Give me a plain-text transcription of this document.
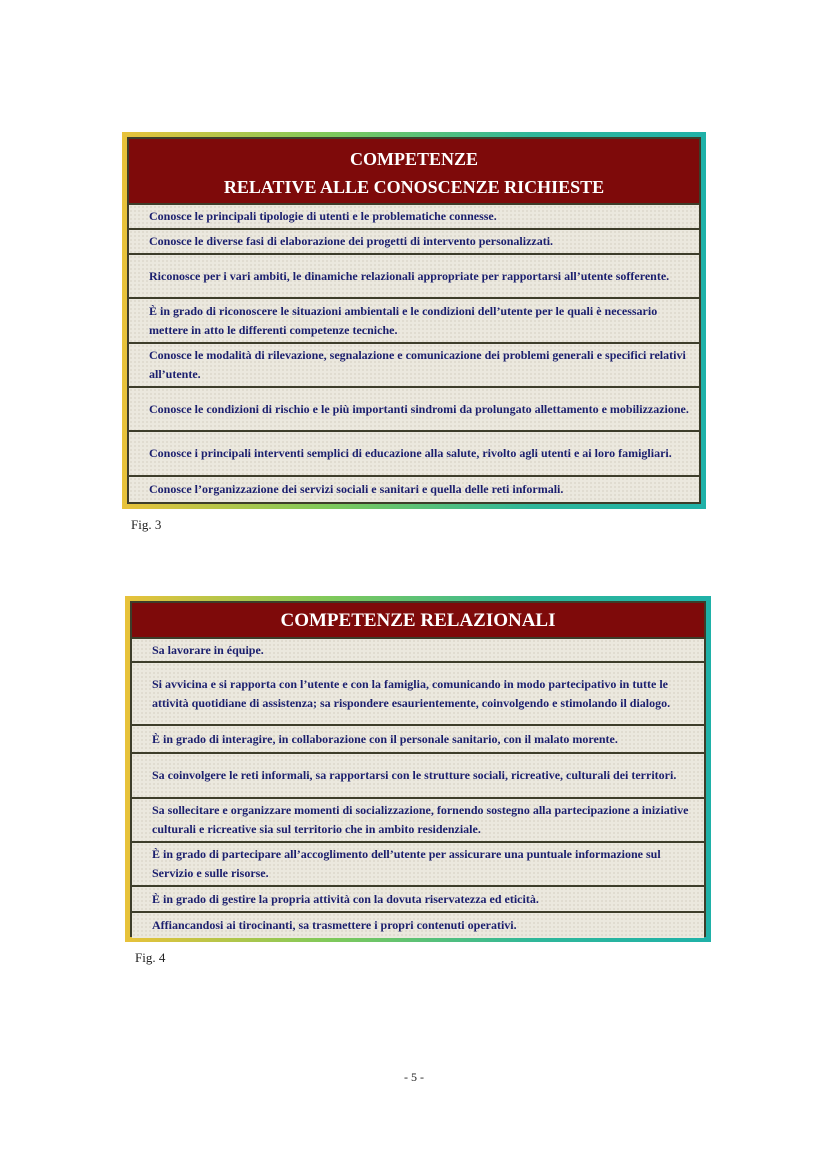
COMPETENZE
RELATIVE ALLE CONOSCENZE RICHIESTE
Conosce le principali tipologie di utenti e le problematiche connesse.
Conosce le diverse fasi di elaborazione dei progetti di intervento personalizzati.
Riconosce per i vari ambiti, le dinamiche relazionali appropriate per rapportarsi all’utente sofferente.
È in grado di riconoscere le situazioni ambientali e le condizioni dell’utente per le quali è necessario mettere in atto le differenti competenze tecniche.
Conosce le modalità di rilevazione, segnalazione e comunicazione dei problemi generali e specifici relativi all’utente.
Conosce le condizioni di rischio e le più importanti sindromi da prolungato allettamento e mobilizzazione.
Conosce i principali interventi semplici di educazione alla salute, rivolto agli utenti e ai loro famigliari.
Conosce l’organizzazione dei servizi sociali e sanitari e quella delle reti informali.
Fig. 3
COMPETENZE RELAZIONALI
Sa lavorare in équipe.
Si avvicina e si rapporta con l’utente e con la famiglia, comunicando in modo partecipativo in tutte le attività quotidiane di assistenza; sa rispondere esaurientemente, coinvolgendo e stimolando il dialogo.
È in grado di interagire, in collaborazione con il personale sanitario, con il malato morente.
Sa coinvolgere le reti informali, sa rapportarsi con le strutture sociali, ricreative, culturali dei territori.
Sa sollecitare e organizzare momenti di socializzazione, fornendo sostegno alla partecipazione a iniziative culturali e ricreative sia sul territorio che in ambito residenziale.
È in grado di partecipare all’accoglimento dell’utente per assicurare una puntuale informazione sul Servizio e sulle risorse.
È in grado di gestire la propria attività con la dovuta riservatezza ed eticità.
Affiancandosi ai tirocinanti, sa trasmettere i propri contenuti operativi.
Fig. 4
- 5 -
